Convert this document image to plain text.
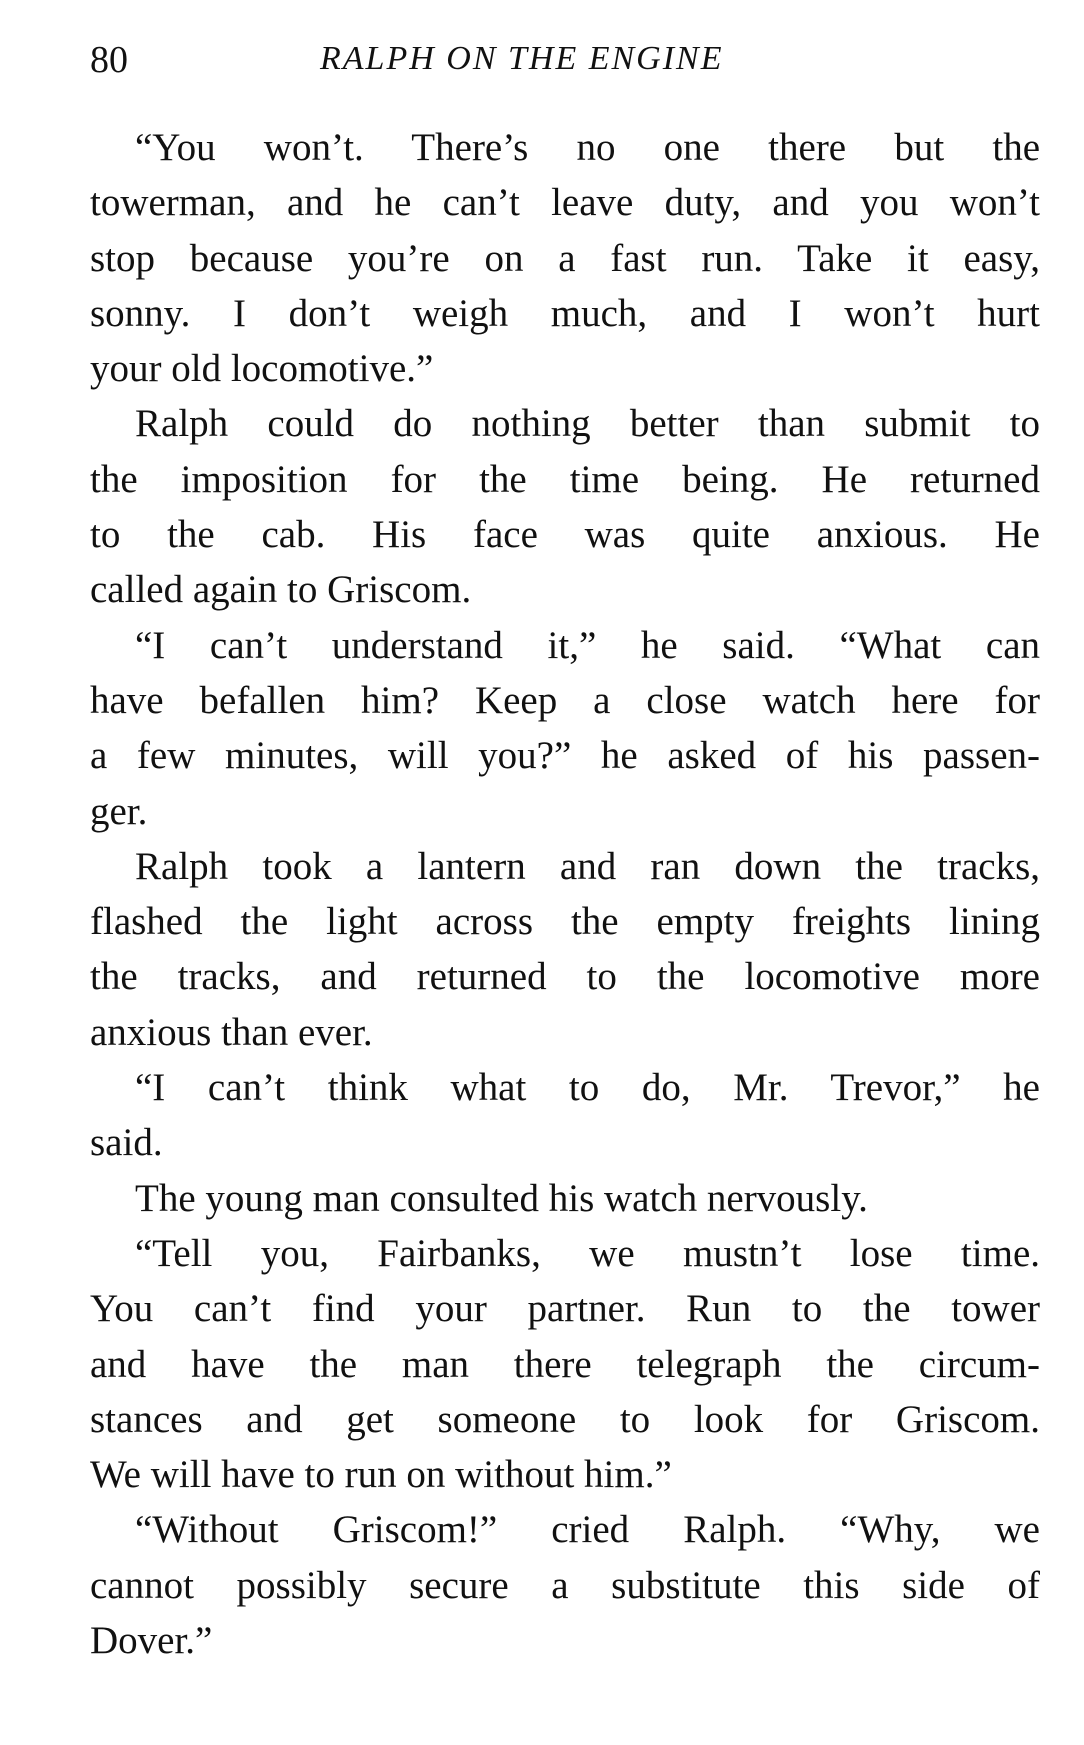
80	RALPH ON THE ENGINE

“You won’t. There’s no one there but the
towerman, and he can’t leave duty, and you won’t
stop because you’re on a fast run. Take it easy,
sonny. I don’t weigh much, and I won’t hurt
your old locomotive.”

Ralph could do nothing better than submit to
the imposition for the time being. He returned
to the cab. His face was quite anxious. He
called again to Griscom.

“I can’t understand it,” he said. “What can
have befallen him? Keep a close watch here for
a few minutes, will you?” he asked of his passen-
ger.

Ralph took a lantern and ran down the tracks,
flashed the light across the empty freights lining
the tracks, and returned to the locomotive more
anxious than ever.

“I can’t think what to do, Mr. Trevor,” he
said.

The young man consulted his watch nervously.

“Tell you, Fairbanks, we mustn’t lose time.
You can’t find your partner. Run to the tower
and have the man there telegraph the circum-
stances and get someone to look for Griscom.
We will have to run on without him.”

“Without Griscom!” cried Ralph. “Why, we
cannot possibly secure a substitute this side of
Dover.”
